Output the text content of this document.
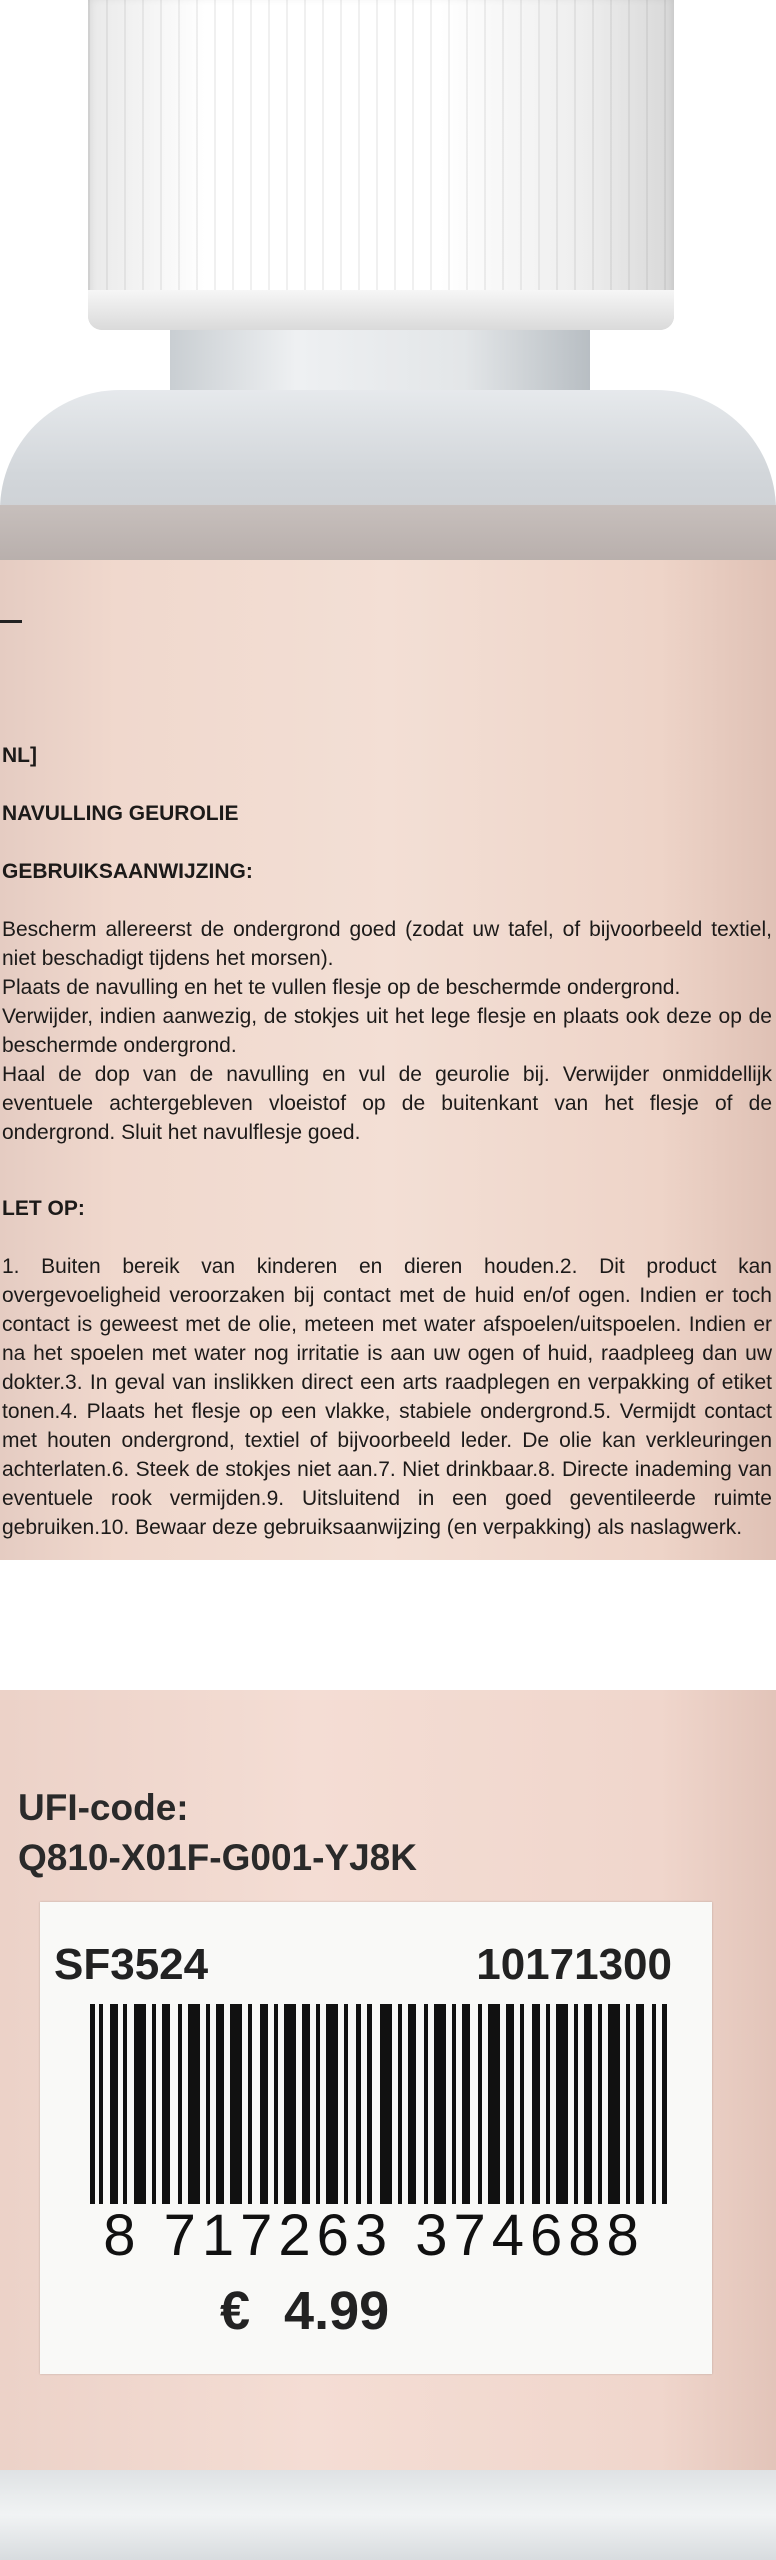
NL]

NAVULLING GEUROLIE

GEBRUIKSAANWIJZING:

Bescherm allereerst de ondergrond goed (zodat uw tafel, of bijvoorbeeld textiel, niet beschadigt tijdens het morsen).
Plaats de navulling en het te vullen flesje op de beschermde ondergrond.
Verwijder, indien aanwezig, de stokjes uit het lege flesje en plaats ook deze op de beschermde ondergrond.
Haal de dop van de navulling en vul de geurolie bij. Verwijder onmiddellijk eventuele achtergebleven vloeistof op de buitenkant van het flesje of de ondergrond. Sluit het navulflesje goed.

LET OP:

1. Buiten bereik van kinderen en dieren houden.2. Dit product kan overgevoeligheid veroorzaken bij contact met de huid en/of ogen. Indien er toch contact is geweest met de olie, meteen met water afspoelen/uitspoelen. Indien er na het spoelen met water nog irritatie is aan uw ogen of huid, raadpleeg dan uw dokter.3. In geval van inslikken direct een arts raadplegen en verpakking of etiket tonen.4. Plaats het flesje op een vlakke, stabiele ondergrond.5. Vermijdt contact met houten ondergrond, textiel of bijvoorbeeld leder. De olie kan verkleuringen achterlaten.6. Steek de stokjes niet aan.7. Niet drinkbaar.8. Directe inademing van eventuele rook vermijden.9. Uitsluitend in een goed geventileerde ruimte gebruiken.10. Bewaar deze gebruiksaanwijzing (en verpakking) als naslagwerk.

UFI-code:
Q810-X01F-G001-YJ8K
SF3524	10171300
8 717263 374688
€ 4.99
